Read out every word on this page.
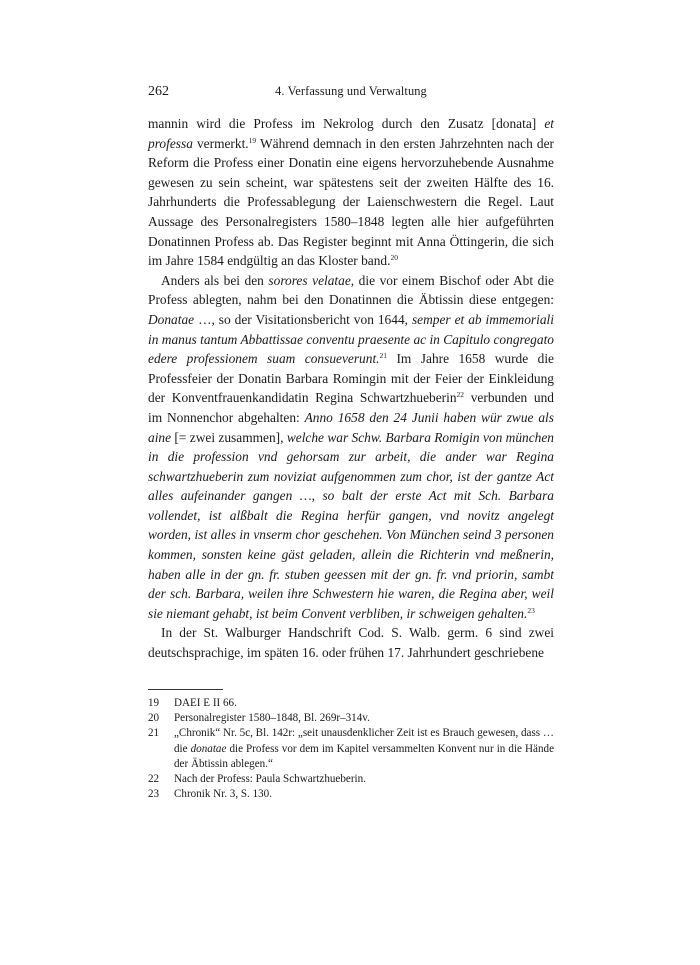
262	4. Verfassung und Verwaltung

mannin wird die Profess im Nekrolog durch den Zusatz [donata] et professa vermerkt.$^{19}$ Während demnach in den ersten Jahrzehnten nach der Reform die Profess einer Donatin eine eigens hervorzuhebende Ausnahme gewesen zu sein scheint, war spätestens seit der zweiten Hälfte des 16. Jahrhunderts die Professablegung der Laienschwestern die Regel. Laut Aussage des Personalregisters 1580–1848 legten alle hier aufgeführten Donatinnen Profess ab. Das Register beginnt mit Anna Öttingerin, die sich im Jahre 1584 endgültig an das Kloster band.$^{20}$

Anders als bei den sorores velatae, die vor einem Bischof oder Abt die Profess ablegten, nahm bei den Donatinnen die Äbtissin diese entgegen: Donatae …, so der Visitationsbericht von 1644, semper et ab immemoriali in manus tantum Abbattissae conventu praesente ac in Capitulo congregato edere professionem suam consueverunt.$^{21}$ Im Jahre 1658 wurde die Professfeier der Donatin Barbara Romingin mit der Feier der Einkleidung der Konventfrauenkandidatin Regina Schwartzhueberin$^{22}$ verbunden und im Nonnenchor abgehalten: Anno 1658 den 24 Junii haben wür zwue als aine [= zwei zusammen], welche war Schw. Barbara Romigin von münchen in die profession vnd gehorsam zur arbeit, die ander war Regina schwartzhueberin zum noviziat aufgenommen zum chor, ist der gantze Act alles aufeinander gangen …, so balt der erste Act mit Sch. Barbara vollendet, ist alßbalt die Regina herfür gangen, vnd novitz angelegt worden, ist alles in vnserm chor geschehen. Von München seind 3 personen kommen, sonsten keine gäst geladen, allein die Richterin vnd meßnerin, haben alle in der gn. fr. stuben geessen mit der gn. fr. vnd priorin, sambt der sch. Barbara, weilen ihre Schwestern hie waren, die Regina aber, weil sie niemant gehabt, ist beim Convent verbliben, ir schweigen gehalten.$^{23}$

In der St. Walburger Handschrift Cod. S. Walb. germ. 6 sind zwei deutschsprachige, im späten 16. oder frühen 17. Jahrhundert geschriebene

19 DAEI E II 66.
20 Personalregister 1580–1848, Bl. 269r–314v.
21 „Chronik“ Nr. 5c, Bl. 142r: „seit unausdenklicher Zeit ist es Brauch gewesen, dass … die donatae die Profess vor dem im Kapitel versammelten Konvent nur in die Hände der Äbtissin ablegen.“
22 Nach der Profess: Paula Schwartzhueberin.
23 Chronik Nr. 3, S. 130.
